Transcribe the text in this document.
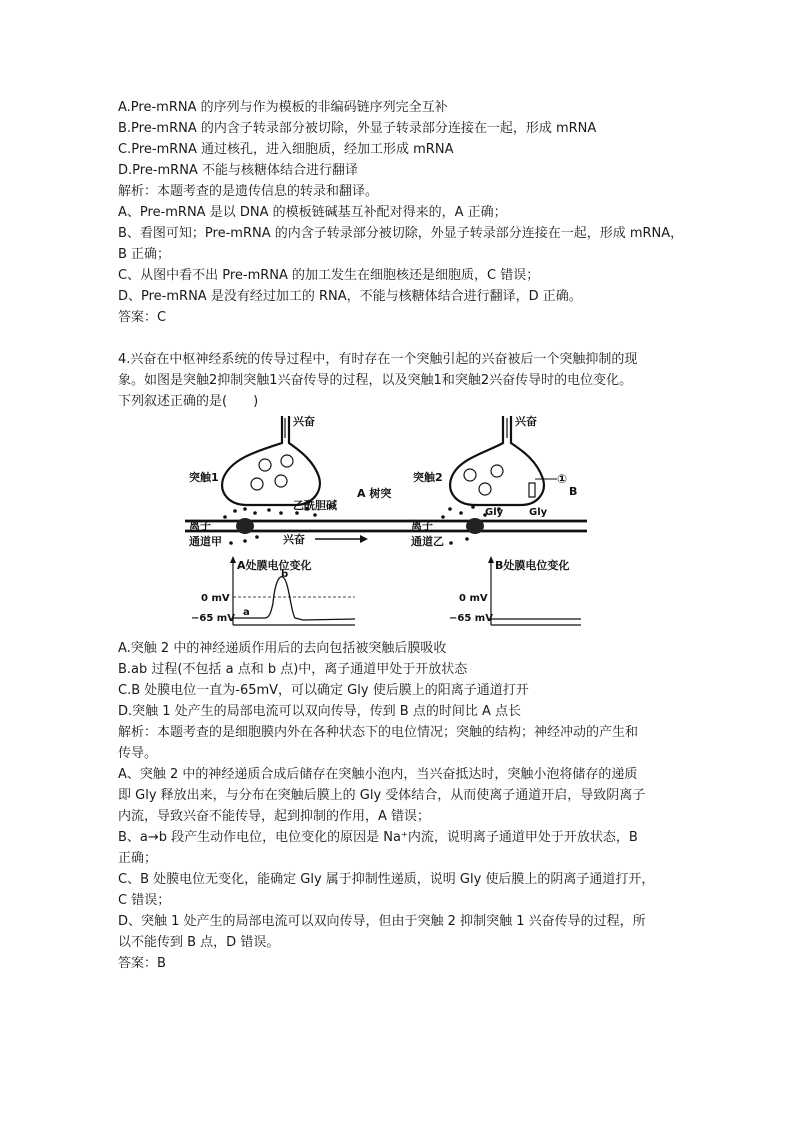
A.Pre-mRNA 的序列与作为模板的非编码链序列完全互补
B.Pre-mRNA 的内含子转录部分被切除，外显子转录部分连接在一起，形成 mRNA
C.Pre-mRNA 通过核孔，进入细胞质，经加工形成 mRNA
D.Pre-mRNA 不能与核糖体结合进行翻译
解析：本题考查的是遗传信息的转录和翻译。
A、Pre-mRNA 是以 DNA 的模板链碱基互补配对得来的，A 正确；
B、看图可知；Pre-mRNA 的内含子转录部分被切除，外显子转录部分连接在一起，形成 mRNA，
B 正确；
C、从图中看不出 Pre-mRNA 的加工发生在细胞核还是细胞质，C 错误；
D、Pre-mRNA 是没有经过加工的 RNA，不能与核糖体结合进行翻译，D 正确。
答案：C
4.兴奋在中枢神经系统的传导过程中，有时存在一个突触引起的兴奋被后一个突触抑制的现
象。如图是突触2抑制突触1兴奋传导的过程，以及突触1和突触2兴奋传导时的电位变化。
下列叙述正确的是(　　)
兴奋	兴奋
突触1	突触2
乙酰胆碱
A 树突	B
离子
通道甲
离子
通道乙
Gly	Gly
①
兴奋
A处膜电位变化
0 mV
−65 mV
a
b
B处膜电位变化
0 mV
−65 mV
A.突触 2 中的神经递质作用后的去向包括被突触后膜吸收
B.ab 过程(不包括 a 点和 b 点)中，离子通道甲处于开放状态
C.B 处膜电位一直为-65mV，可以确定 Gly 使后膜上的阳离子通道打开
D.突触 1 处产生的局部电流可以双向传导，传到 B 点的时间比 A 点长
解析：本题考查的是细胞膜内外在各种状态下的电位情况；突触的结构；神经冲动的产生和
传导。
A、突触 2 中的神经递质合成后储存在突触小泡内，当兴奋抵达时，突触小泡将储存的递质
即 Gly 释放出来，与分布在突触后膜上的 Gly 受体结合，从而使离子通道开启，导致阴离子
内流，导致兴奋不能传导，起到抑制的作用，A 错误；
B、a→b 段产生动作电位，电位变化的原因是 Na⁺内流，说明离子通道甲处于开放状态，B
正确；
C、B 处膜电位无变化，能确定 Gly 属于抑制性递质，说明 Gly 使后膜上的阴离子通道打开，
C 错误；
D、突触 1 处产生的局部电流可以双向传导，但由于突触 2 抑制突触 1 兴奋传导的过程，所
以不能传到 B 点，D 错误。
答案：B
